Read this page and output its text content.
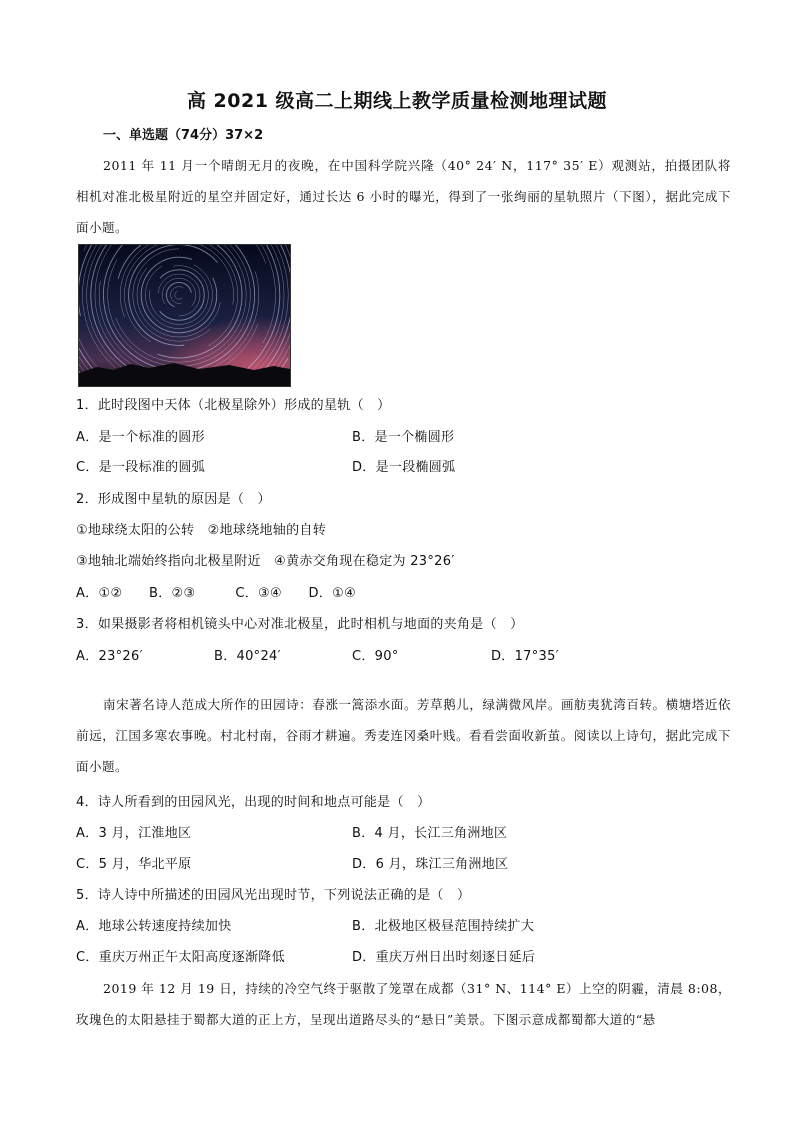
高 2021 级高二上期线上教学质量检测地理试题
一、单选题（74分）37×2
2011 年 11 月一个晴朗无月的夜晚，在中国科学院兴隆（40° 24′ N，117° 35′ E）观测站，拍摄团队将相机对准北极星附近的星空并固定好，通过长达 6 小时的曝光，得到了一张绚丽的星轨照片（下图），据此完成下面小题。
1．此时段图中天体（北极星除外）形成的星轨（　）
A．是一个标准的圆形	B．是一个椭圆形
C．是一段标准的圆弧	D．是一段椭圆弧
2．形成图中星轨的原因是（　）
①地球绕太阳的公转　②地球绕地轴的自转
③地轴北端始终指向北极星附近　④黄赤交角现在稳定为 23°26′
A．①②　　B．②③　　　C．③④　　D．①④
3．如果摄影者将相机镜头中心对准北极星，此时相机与地面的夹角是（　）
A．23°26′	B．40°24′	C．90°	D．17°35′
南宋著名诗人范成大所作的田园诗：春涨一篙添水面。芳草鹅儿，绿满微风岸。画舫夷犹湾百转。横塘塔近依前远，江国多寒农事晚。村北村南，谷雨才耕遍。秀麦连冈桑叶贱。看看尝面收新茧。阅读以上诗句，据此完成下面小题。
4．诗人所看到的田园风光，出现的时间和地点可能是（　）
A．3 月，江淮地区	B．4 月，长江三角洲地区
C．5 月，华北平原	D．6 月，珠江三角洲地区
5．诗人诗中所描述的田园风光出现时节，下列说法正确的是（　）
A．地球公转速度持续加快	B．北极地区极昼范围持续扩大
C．重庆万州正午太阳高度逐渐降低	D．重庆万州日出时刻逐日延后
2019 年 12 月 19 日，持续的冷空气终于驱散了笼罩在成都（31° N、114° E）上空的阴霾，清晨 8:08，玫瑰色的太阳悬挂于蜀都大道的正上方，呈现出道路尽头的“悬日”美景。下图示意成都蜀都大道的“悬
